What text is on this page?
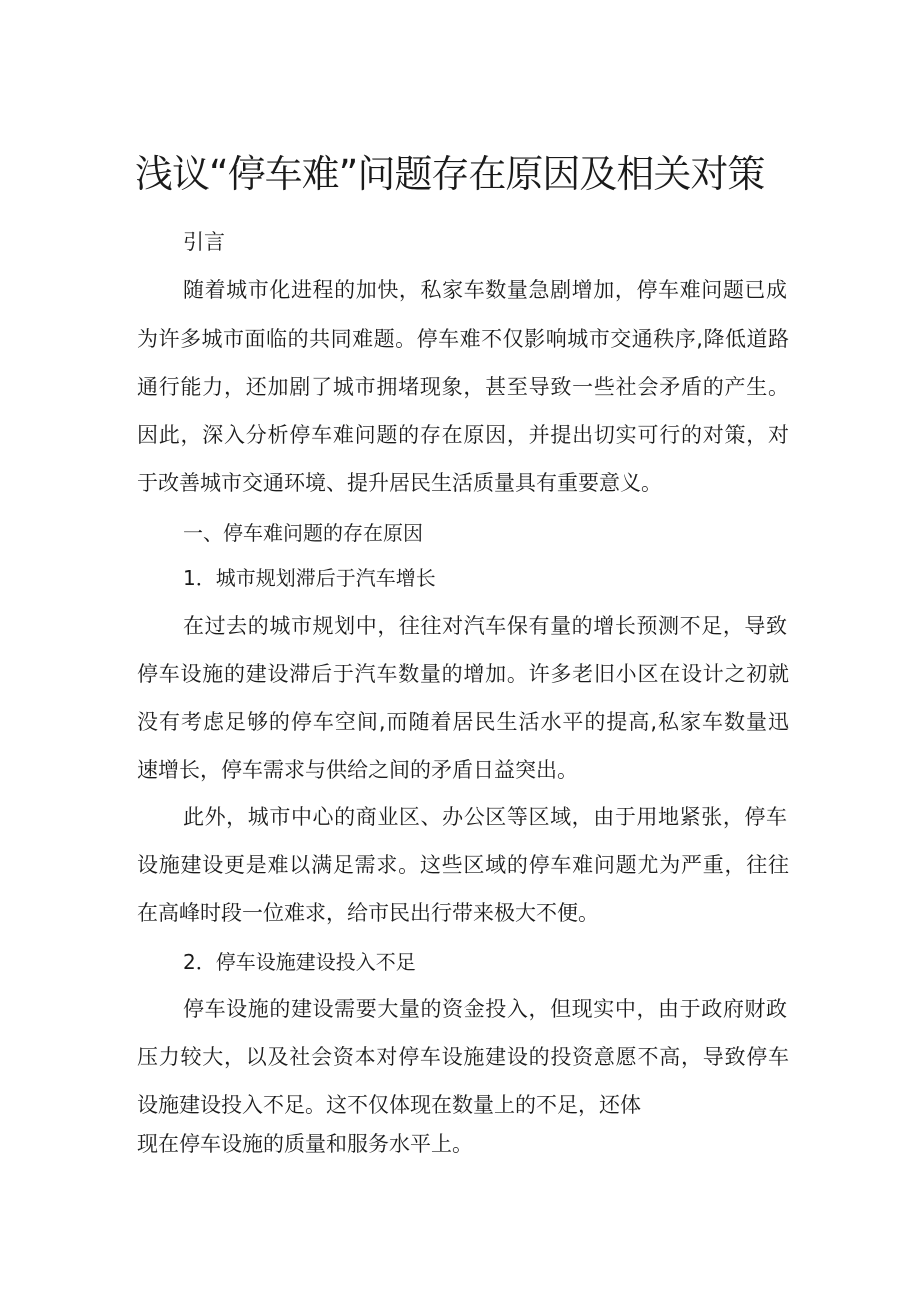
浅议“停车难”问题存在原因及相关对策

引言

随着城市化进程的加快，私家车数量急剧增加，停车难问题已成

为许多城市面临的共同难题。停车难不仅影响城市交通秩序,降低道路

通行能力，还加剧了城市拥堵现象，甚至导致一些社会矛盾的产生。

因此，深入分析停车难问题的存在原因，并提出切实可行的对策，对

于改善城市交通环境、提升居民生活质量具有重要意义。

一、停车难问题的存在原因

1．城市规划滞后于汽车增长

在过去的城市规划中，往往对汽车保有量的增长预测不足，导致

停车设施的建设滞后于汽车数量的增加。许多老旧小区在设计之初就

没有考虑足够的停车空间,而随着居民生活水平的提高,私家车数量迅

速增长，停车需求与供给之间的矛盾日益突出。

此外，城市中心的商业区、办公区等区域，由于用地紧张，停车

设施建设更是难以满足需求。这些区域的停车难问题尤为严重，往往

在高峰时段一位难求，给市民出行带来极大不便。

2．停车设施建设投入不足

停车设施的建设需要大量的资金投入，但现实中，由于政府财政

压力较大，以及社会资本对停车设施建设的投资意愿不高，导致停车

设施建设投入不足。这不仅体现在数量上的不足，还体

现在停车设施的质量和服务水平上。
